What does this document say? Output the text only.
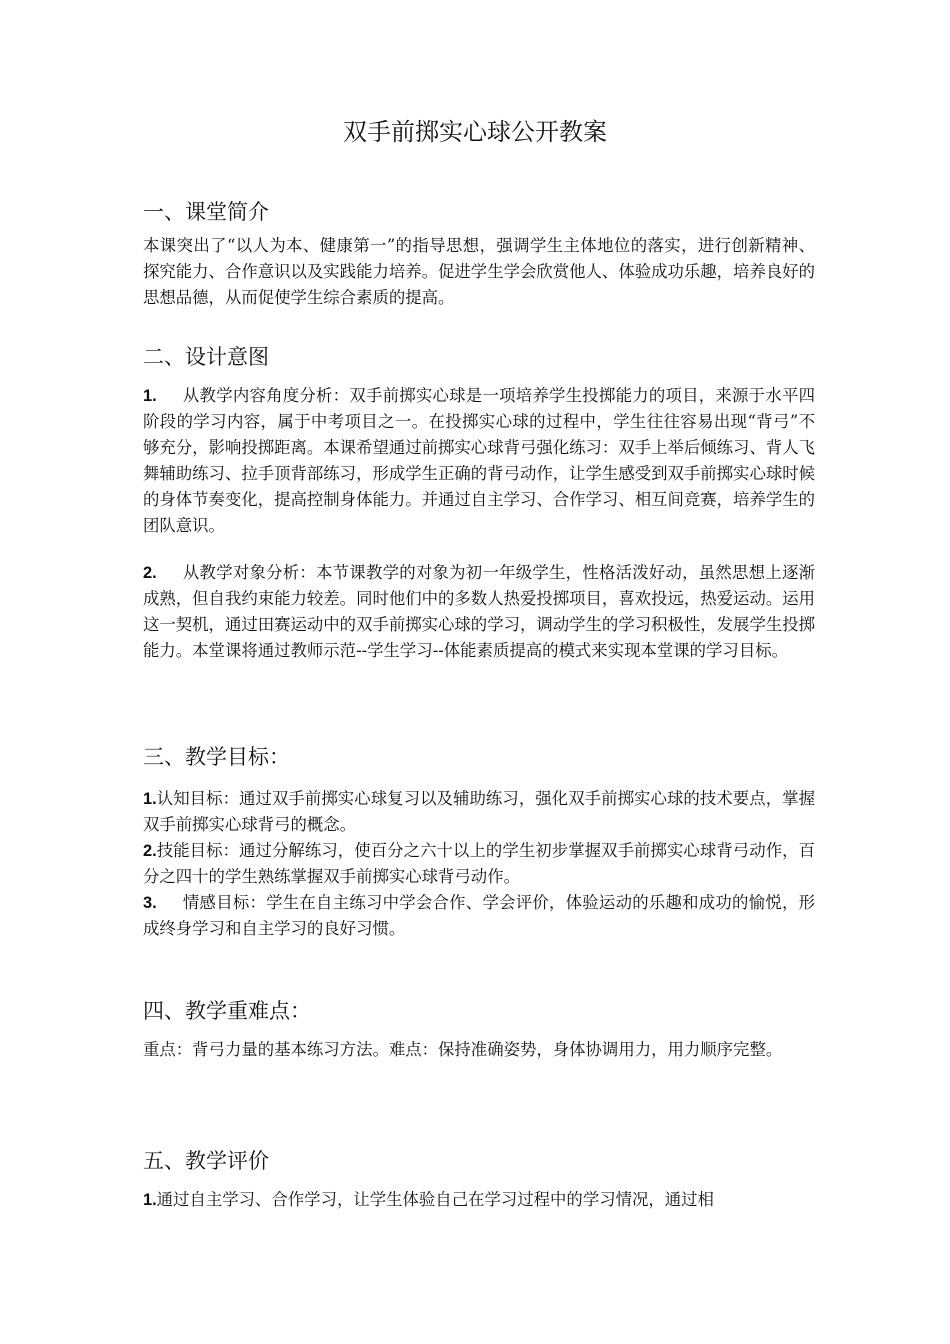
双手前掷实心球公开教案
一、课堂简介
本课突出了“以人为本、健康第一”的指导思想，强调学生主体地位的落实，进行创新精神、探究能力、合作意识以及实践能力培养。促进学生学会欣赏他人、体验成功乐趣，培养良好的思想品德，从而促使学生综合素质的提高。
二、设计意图
1. 从教学内容角度分析：双手前掷实心球是一项培养学生投掷能力的项目，来源于水平四阶段的学习内容，属于中考项目之一。在投掷实心球的过程中，学生往往容易出现“背弓”不够充分，影响投掷距离。本课希望通过前掷实心球背弓强化练习：双手上举后倾练习、背人飞舞辅助练习、拉手顶背部练习，形成学生正确的背弓动作，让学生感受到双手前掷实心球时候的身体节奏变化，提高控制身体能力。并通过自主学习、合作学习、相互间竞赛，培养学生的团队意识。
2. 从教学对象分析：本节课教学的对象为初一年级学生，性格活泼好动，虽然思想上逐渐成熟，但自我约束能力较差。同时他们中的多数人热爱投掷项目，喜欢投远，热爱运动。运用这一契机，通过田赛运动中的双手前掷实心球的学习，调动学生的学习积极性，发展学生投掷能力。本堂课将通过教师示范--学生学习--体能素质提高的模式来实现本堂课的学习目标。
三、教学目标：
1.认知目标：通过双手前掷实心球复习以及辅助练习，强化双手前掷实心球的技术要点，掌握双手前掷实心球背弓的概念。
2.技能目标：通过分解练习，使百分之六十以上的学生初步掌握双手前掷实心球背弓动作，百分之四十的学生熟练掌握双手前掷实心球背弓动作。
3. 情感目标：学生在自主练习中学会合作、学会评价，体验运动的乐趣和成功的愉悦，形成终身学习和自主学习的良好习惯。
四、教学重难点：
重点：背弓力量的基本练习方法。难点：保持准确姿势，身体协调用力，用力顺序完整。
五、教学评价
1.通过自主学习、合作学习，让学生体验自己在学习过程中的学习情况，通过相
